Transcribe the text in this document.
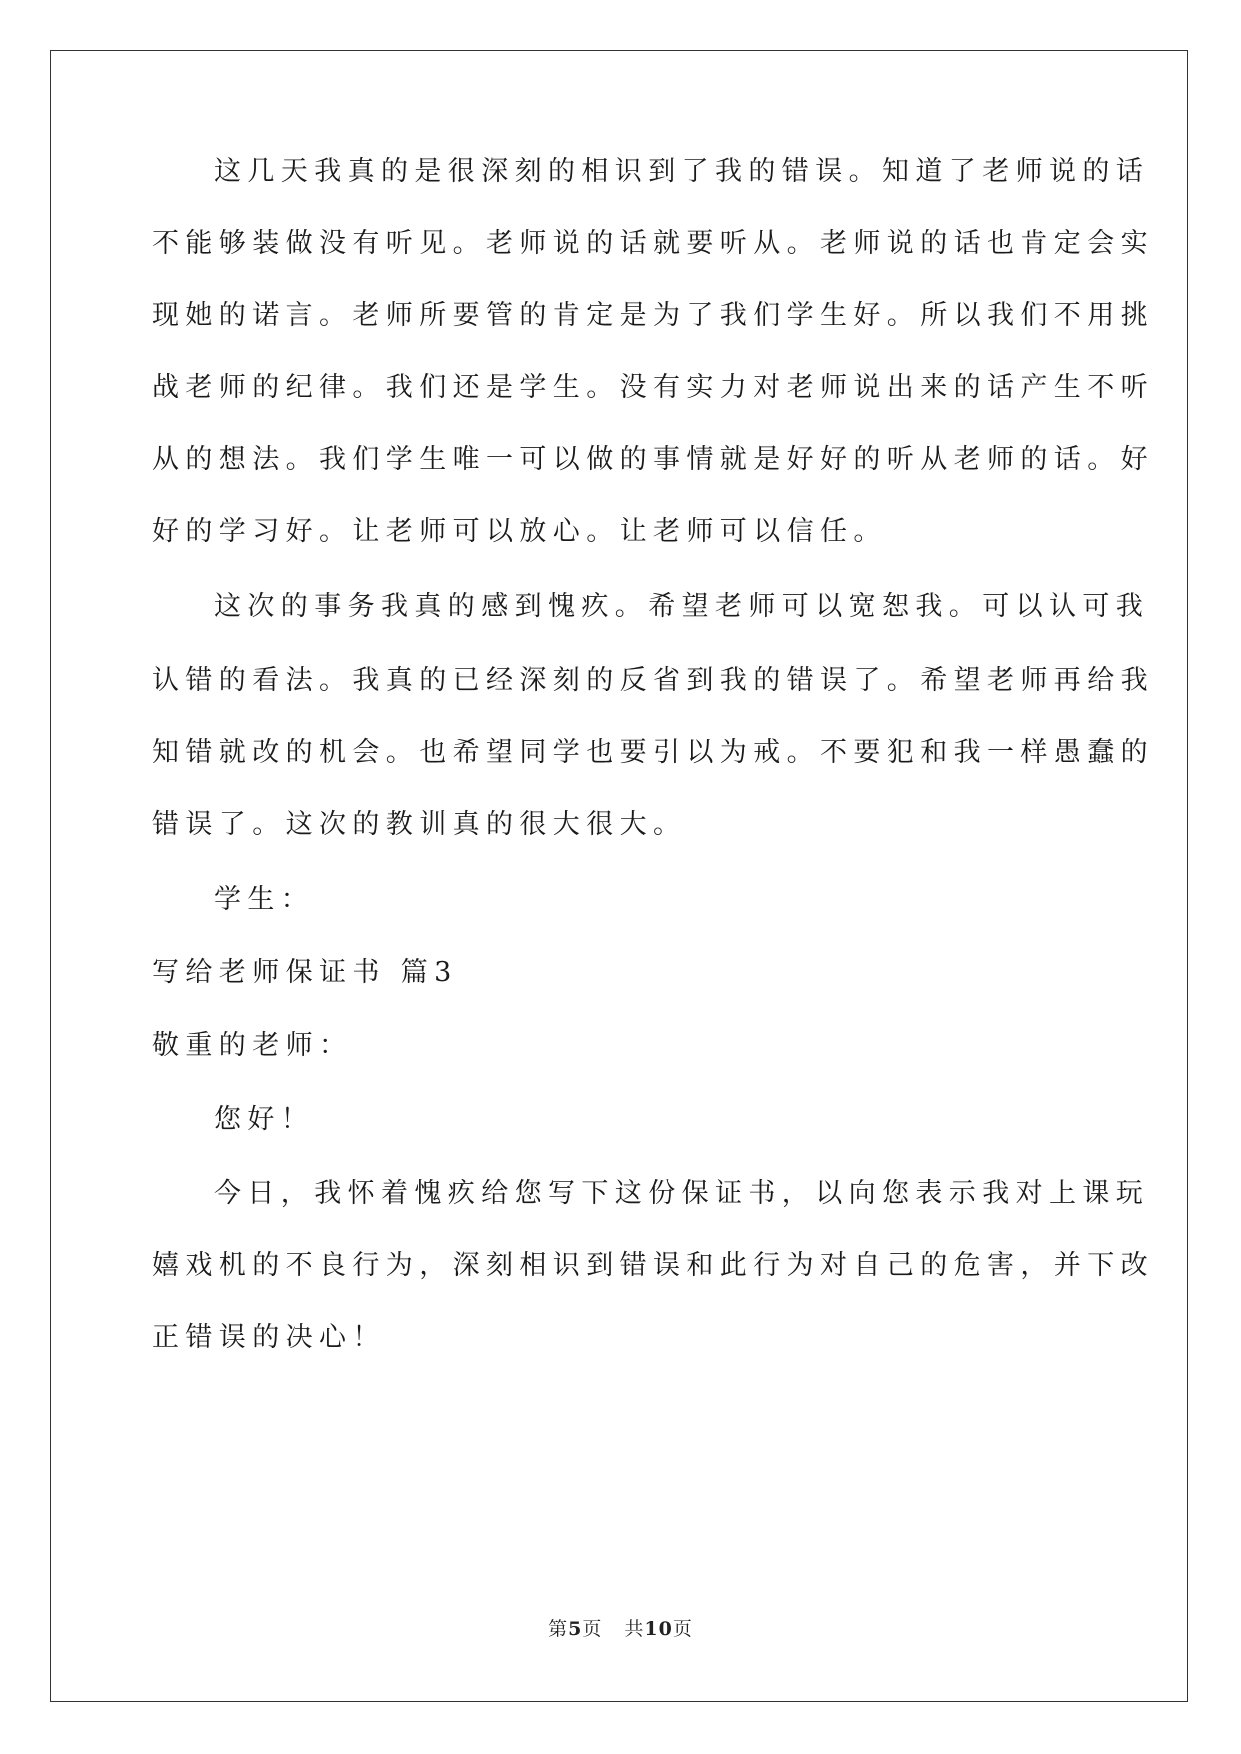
这几天我真的是很深刻的相识到了我的错误。知道了老师说的话
不能够装做没有听见。老师说的话就要听从。老师说的话也肯定会实
现她的诺言。老师所要管的肯定是为了我们学生好。所以我们不用挑
战老师的纪律。我们还是学生。没有实力对老师说出来的话产生不听
从的想法。我们学生唯一可以做的事情就是好好的听从老师的话。好
好的学习好。让老师可以放心。让老师可以信任。
这次的事务我真的感到愧疚。希望老师可以宽恕我。可以认可我
认错的看法。我真的已经深刻的反省到我的错误了。希望老师再给我
知错就改的机会。也希望同学也要引以为戒。不要犯和我一样愚蠢的
错误了。这次的教训真的很大很大。
学生：
写给老师保证书 篇3
敬重的老师：
您好！
今日，我怀着愧疚给您写下这份保证书，以向您表示我对上课玩
嬉戏机的不良行为，深刻相识到错误和此行为对自己的危害，并下改
正错误的决心！
第5页 共10页
